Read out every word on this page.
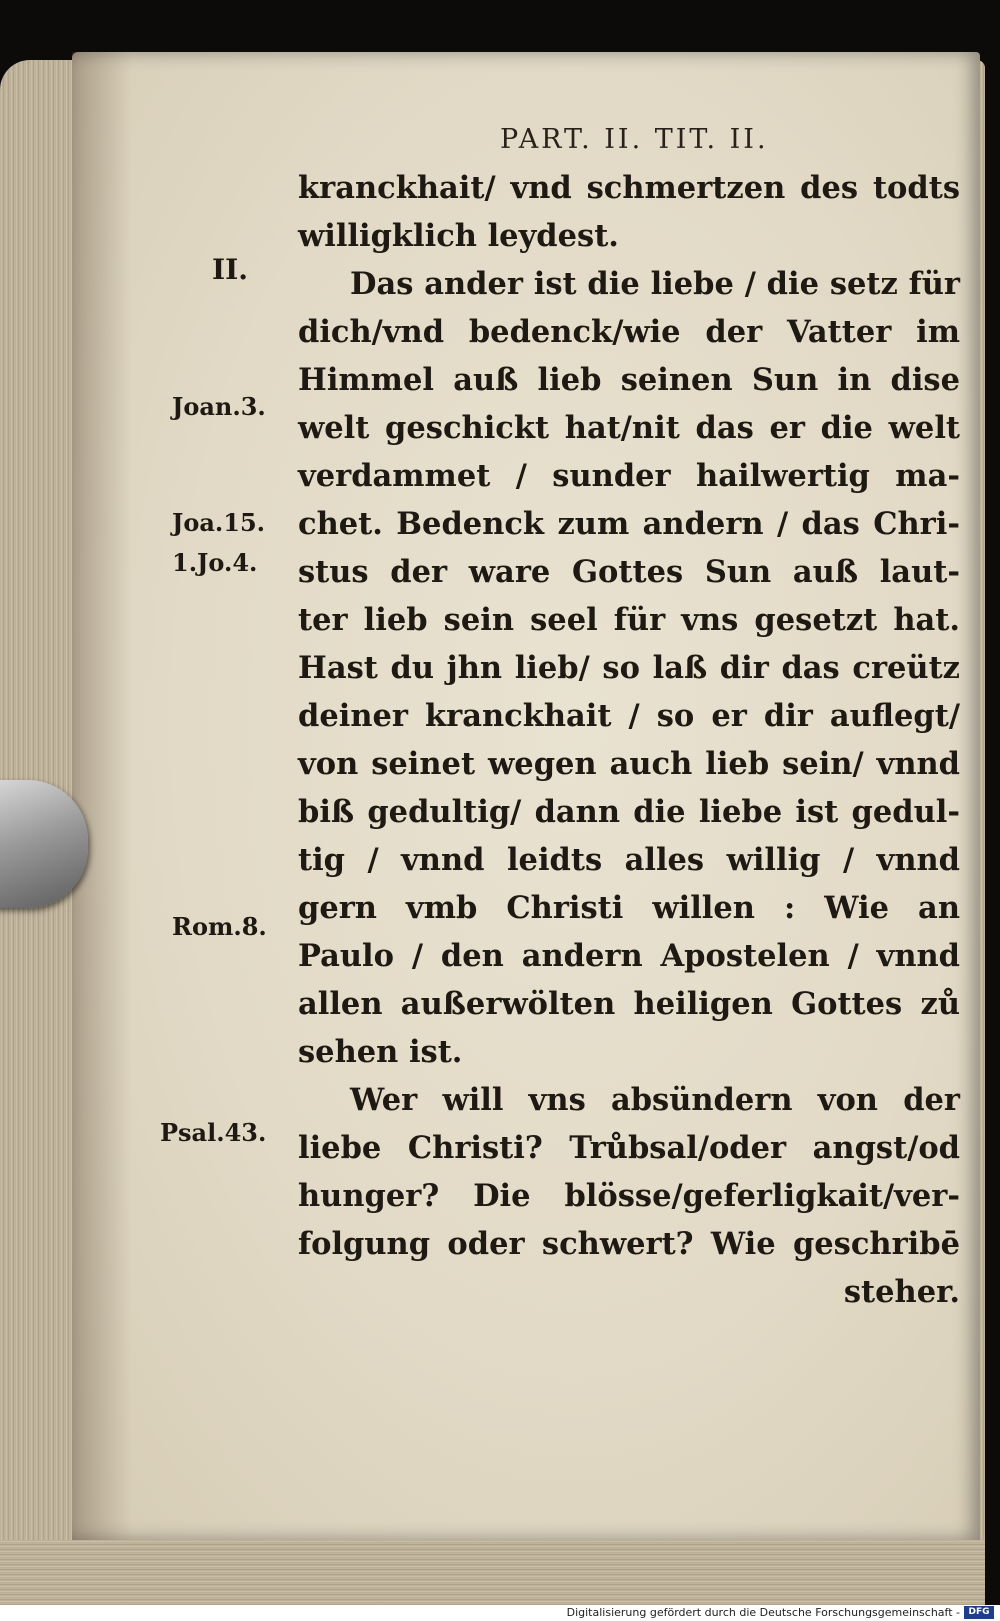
PART. II. TIT. II.
kranckhait/ vnd schmertzen des todts
willigklich leydest.
Das ander ist die liebe / die setz für
dich/vnd bedenck/wie der Vatter im
Himmel auß lieb seinen Sun in dise
welt geschickt hat/nit das er die welt
verdammet / sunder hailwertig ma-
chet. Bedenck zum andern / das Chri-
stus der ware Gottes Sun auß laut-
ter lieb sein seel für vns gesetzt hat.
Hast du jhn lieb/ so laß dir das creütz
deiner kranckhait / so er dir auflegt/
von seinet wegen auch lieb sein/ vnnd
biß gedultig/ dann die liebe ist gedul-
tig / vnnd leidts alles willig / vnnd
gern vmb Christi willen : Wie an
Paulo / den andern Apostelen / vnnd
allen außerwölten heiligen Gottes zů
sehen ist.
Wer will vns absündern von der
liebe Christi? Trůbsal/oder angst/od
hunger? Die blösse/geferligkait/ver-
folgung oder schwert? Wie geschribē
steher.
II.
Joan.3.
Joa.15.
1.Jo.4.
Rom.8.
Psal.43.
Digitalisierung gefördert durch die Deutsche Forschungsgemeinschaft - DFG
